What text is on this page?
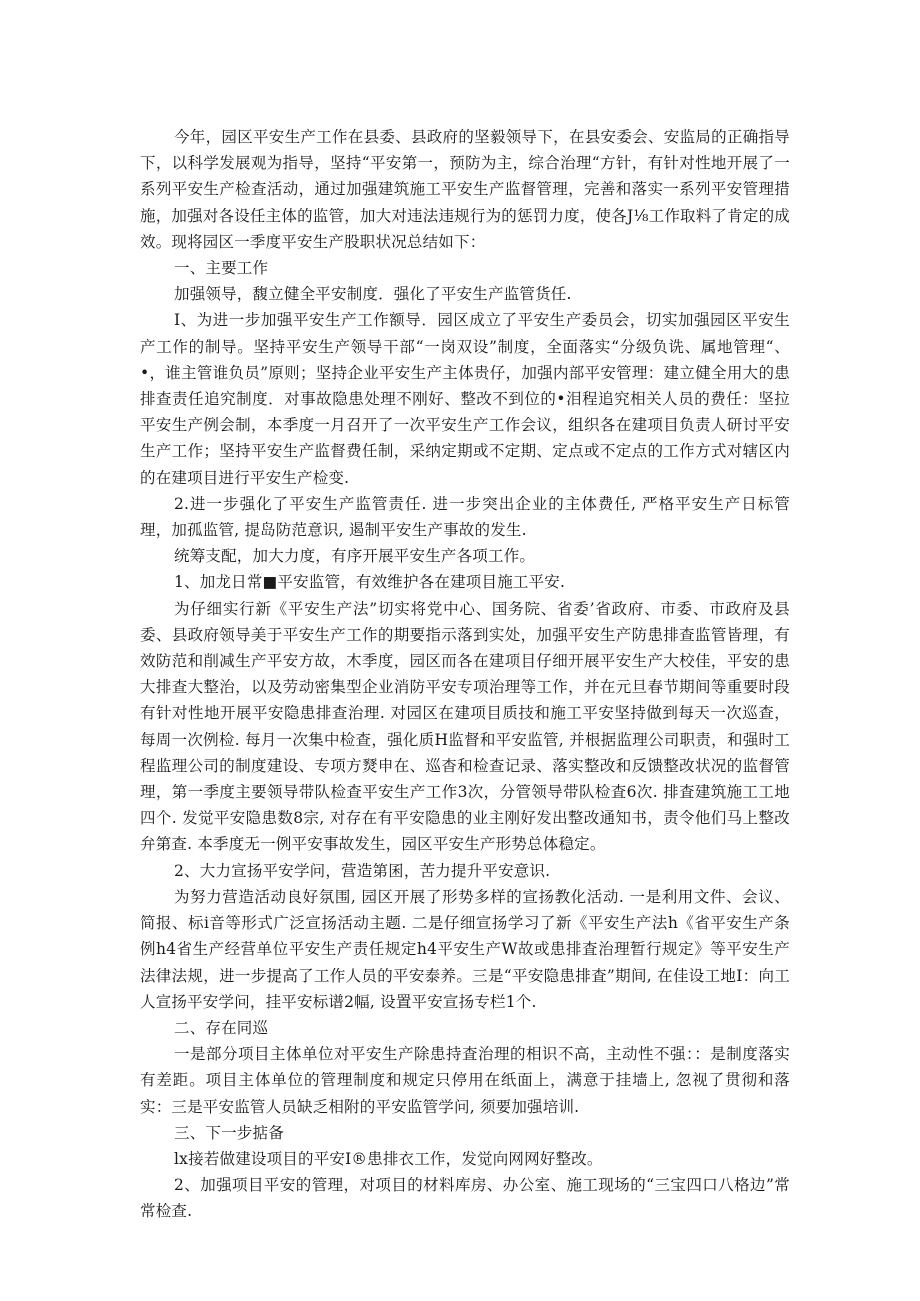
今年，园区平安生产工作在县委、县政府的坚毅领导下，在县安委会、安监局的正确指导下，以科学发展观为指导，坚持“平安第一，预防为主，综合治理“方针，有针对性地开展了一系列平安生产检查活动，通过加强建筑施工平安生产监督管理，完善和落实一系列平安管理措施，加强对各设任主体的监管，加大对违法违规行为的惩罚力度，使各J⅛工作取料了肯定的成效。现将园区一季度平安生产股职状况总结如下：

一、主要工作

加强领导，馥立健全平安制度．强化了平安生产监管货任.

I、为进一步加强平安生产工作额导．园区成立了平安生产委员会，切实加强园区平安生产工作的制导。坚持平安生产领导干部“一岗双设”制度，全面落实“分级负诜、属地管理“、•，谁主管谁负员”原则；坚持企业平安生产主体贵仔，加强内部平安管理：建立健全用大的患排查责任追究制度．对事故隐患处理不刚好、整改不到位的•泪程追究相关人员的费任：坚拉平安生产例会制，本季度一月召开了一次平安生产工作会议，组织各在建项目负责人研讨平安生产工作；坚持平安生产监督费任制，采纳定期或不定期、定点或不定点的工作方式对辖区内的在建项目进行平安生产检变.

2.进一步强化了平安生产监管责任. 进一步突出企业的主体费任, 严格平安生产日标管理，加孤监管, 提岛防范意识, 遏制平安生产事故的发生.

统筹支配，加大力度，有序开展平安生产各项工作。

1、加龙日常■平安监管，有效维护各在建项目施工平安.

为仔细实行新《平安生产法”切实将党中心、国务院、省委’省政府、市委、市政府及县委、县政府领导美于平安生产工作的期要指示落到实处，加强平安生产防患排查监管皆理，有效防范和削减生产平安方故，木季度，园区而各在建项目仔细开展平安生产大校佳，平安的患大排查大整治，以及劳动密集型企业消防平安专项治理等工作，并在元旦春节期间等重要时段有针对性地开展平安隐患排查治理. 对园区在建项目质技和施工平安坚持做到每天一次巡查，每周一次例检. 每月一次集中检查，强化质H监督和平安监管, 并根据监理公司职责，和强时工程监理公司的制度建设、专项方燹申在、巡杳和检查记录、落实整改和反馈整改状况的监督管理，第一季度主要领导带队检查平安生产工作3次，分管领导带队检査6次. 排査建筑施工工地四个. 发觉平安隐患数8宗, 对存在有平安隐患的业主刚好发出整改通知书，责令他们马上整改弁第查. 本季度无一例平安事故发生，园区平安生产形势总体稳定。

2、大力宣扬平安学问，营造第囷，苦力提升平安意识.

为努力营造活动良好氛围, 园区开展了形势多样的宣扬教化活动. 一是利用文件、会议、简报、标i音等形式广泛宣扬活动主题. 二是仔细宣扬学习了新《平安生产法h《省平安生产条例h4省生产经营单位平安生产责任规定h4平安生产W故或患排査治理暂行规定》等平安生产法律法规，进一步提高了工作人员的平安泰养。三是“平安隐患排査”期间, 在佳设工地I：向工人宣扬平安学问，挂平安标谱2幅, 设置平安宣扬专栏1个.

二、存在同巡

一是部分项目主体单位对平安生产除患持査治理的相识不高，主动性不强：：是制度落实有差距。项目主体单位的管理制度和规定只停用在纸面上，满意于挂墙上, 忽视了贯彻和落实：三是平安监管人员缺乏相附的平安监管学问, 须要加强培训.

三、下一步掂备

lx接若做建设项目的平安I®患排衣工作，发觉向网网好整改。

2、加强项目平安的管理，对项目的材料库房、办公室、施工现场的“三宝四口八格边”常常检查.
